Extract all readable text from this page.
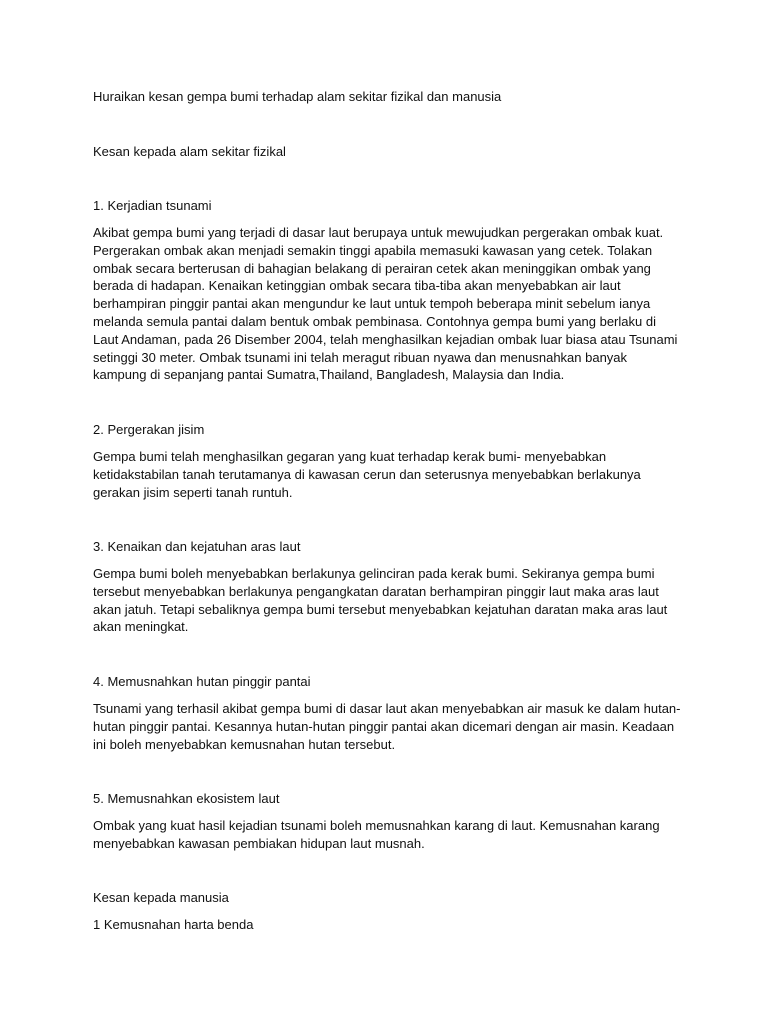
Huraikan kesan gempa bumi terhadap alam sekitar fizikal dan manusia

Kesan kepada alam sekitar fizikal

1. Kerjadian tsunami

Akibat gempa bumi yang terjadi di dasar laut berupaya untuk mewujudkan pergerakan ombak kuat. Pergerakan ombak akan menjadi semakin tinggi apabila memasuki kawasan yang cetek. Tolakan ombak secara berterusan di bahagian belakang di perairan cetek akan meninggikan ombak yang berada di hadapan. Kenaikan ketinggian ombak secara tiba-tiba akan menyebabkan air laut berhampiran pinggir pantai akan mengundur ke laut untuk tempoh beberapa minit sebelum ianya melanda semula pantai dalam bentuk ombak pembinasa. Contohnya gempa bumi yang berlaku di Laut Andaman, pada 26 Disember 2004, telah menghasilkan kejadian ombak luar biasa atau Tsunami setinggi 30 meter. Ombak tsunami ini telah meragut ribuan nyawa dan menusnahkan banyak kampung di sepanjang pantai Sumatra,Thailand, Bangladesh, Malaysia dan India.

2. Pergerakan jisim

Gempa bumi telah menghasilkan gegaran yang kuat terhadap kerak bumi- menyebabkan ketidakstabilan tanah terutamanya di kawasan cerun dan seterusnya menyebabkan berlakunya gerakan jisim seperti tanah runtuh.

3. Kenaikan dan kejatuhan aras laut

Gempa bumi boleh menyebabkan berlakunya gelinciran pada kerak bumi. Sekiranya gempa bumi tersebut menyebabkan berlakunya pengangkatan daratan berhampiran pinggir laut maka aras laut akan jatuh. Tetapi sebaliknya gempa bumi tersebut menyebabkan kejatuhan daratan maka aras laut akan meningkat.

4. Memusnahkan hutan pinggir pantai

Tsunami yang terhasil akibat gempa bumi di dasar laut akan menyebabkan air masuk ke dalam hutan- hutan pinggir pantai. Kesannya hutan-hutan pinggir pantai akan dicemari dengan air masin. Keadaan ini boleh menyebabkan kemusnahan hutan tersebut.

5. Memusnahkan ekosistem laut

Ombak yang kuat hasil kejadian tsunami boleh memusnahkan karang di laut. Kemusnahan karang menyebabkan kawasan pembiakan hidupan laut musnah.

Kesan kepada manusia

1 Kemusnahan harta benda
